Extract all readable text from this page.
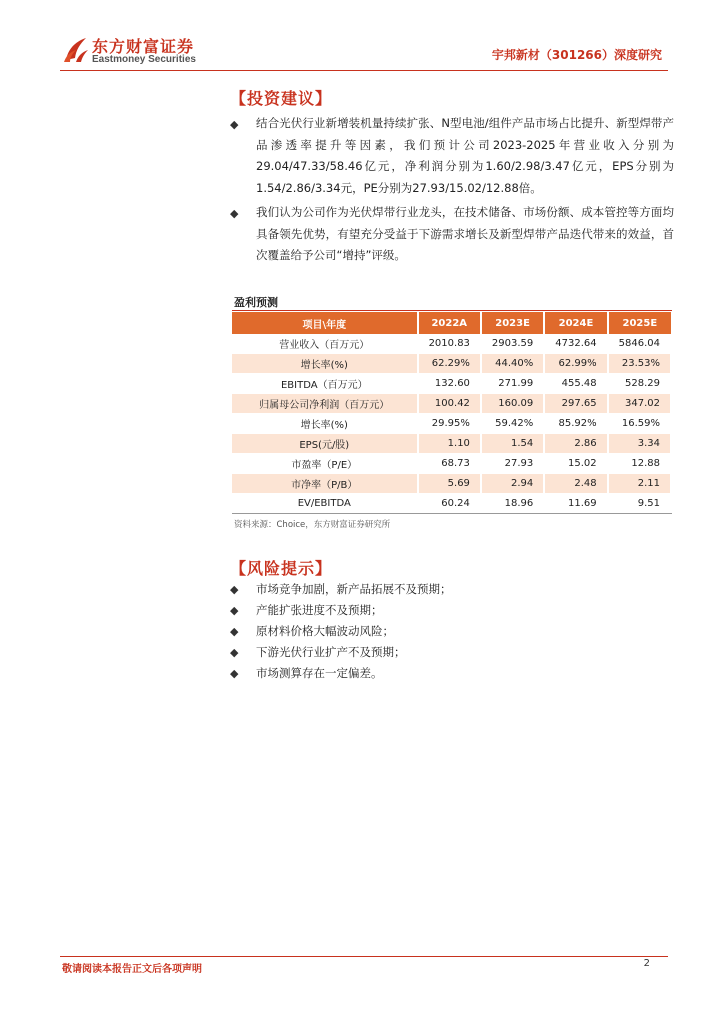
东方财富证券
Eastmoney Securities	宇邦新材（301266）深度研究
【投资建议】
◆ 结合光伏行业新增装机量持续扩张、N型电池/组件产品市场占比提升、新型焊带产品渗透率提升等因素，我们预计公司2023-2025年营业收入分别为29.04/47.33/58.46亿元，净利润分别为1.60/2.98/3.47亿元，EPS分别为1.54/2.86/3.34元，PE分别为27.93/15.02/12.88倍。
◆ 我们认为公司作为光伏焊带行业龙头，在技术储备、市场份额、成本管控等方面均具备领先优势，有望充分受益于下游需求增长及新型焊带产品迭代带来的效益，首次覆盖给予公司“增持”评级。
盈利预测
项目\年度	2022A	2023E	2024E	2025E
营业收入（百万元）	2010.83	2903.59	4732.64	5846.04
增长率(%)	62.29%	44.40%	62.99%	23.53%
EBITDA（百万元）	132.60	271.99	455.48	528.29
归属母公司净利润（百万元）	100.42	160.09	297.65	347.02
增长率(%)	29.95%	59.42%	85.92%	16.59%
EPS(元/股)	1.10	1.54	2.86	3.34
市盈率（P/E）	68.73	27.93	15.02	12.88
市净率（P/B）	5.69	2.94	2.48	2.11
EV/EBITDA	60.24	18.96	11.69	9.51
资料来源：Choice，东方财富证券研究所
【风险提示】
◆ 市场竞争加剧，新产品拓展不及预期；
◆ 产能扩张进度不及预期；
◆ 原材料价格大幅波动风险；
◆ 下游光伏行业扩产不及预期；
◆ 市场测算存在一定偏差。
敬请阅读本报告正文后各项声明
2
